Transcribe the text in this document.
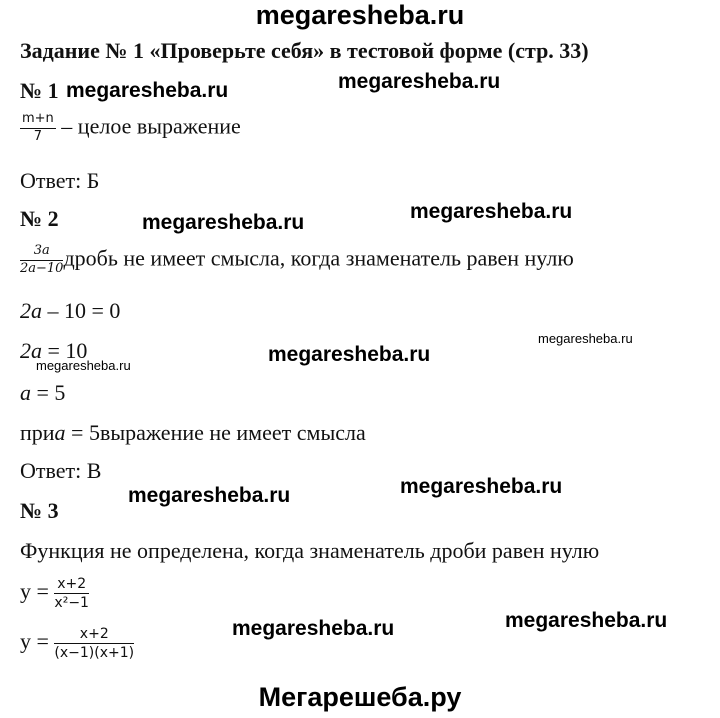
megaresheba.ru
Задание № 1 «Проверьте себя» в тестовой форме (стр. 33)
№ 1 megaresheba.ru	megaresheba.ru
$\frac{m+n}{7}$ – целое выражение
Ответ: Б
№ 2	megaresheba.ru	megaresheba.ru
$\frac{3a}{2a-10}$ дробь не имеет смысла, когда знаменатель равен нулю
2a – 10 = 0
megaresheba.ru
2a = 10	megaresheba.ru
megaresheba.ru
a = 5
приa = 5выражение не имеет смысла
Ответ: В
megaresheba.ru	megaresheba.ru
№ 3
Функция не определена, когда знаменатель дроби равен нулю
$y = \frac{x+2}{\text{x²−1}}$
megaresheba.ru	megaresheba.ru
$y = \frac{x+2}{(x-1)(x+1)}$
Мегарешеба.ру
